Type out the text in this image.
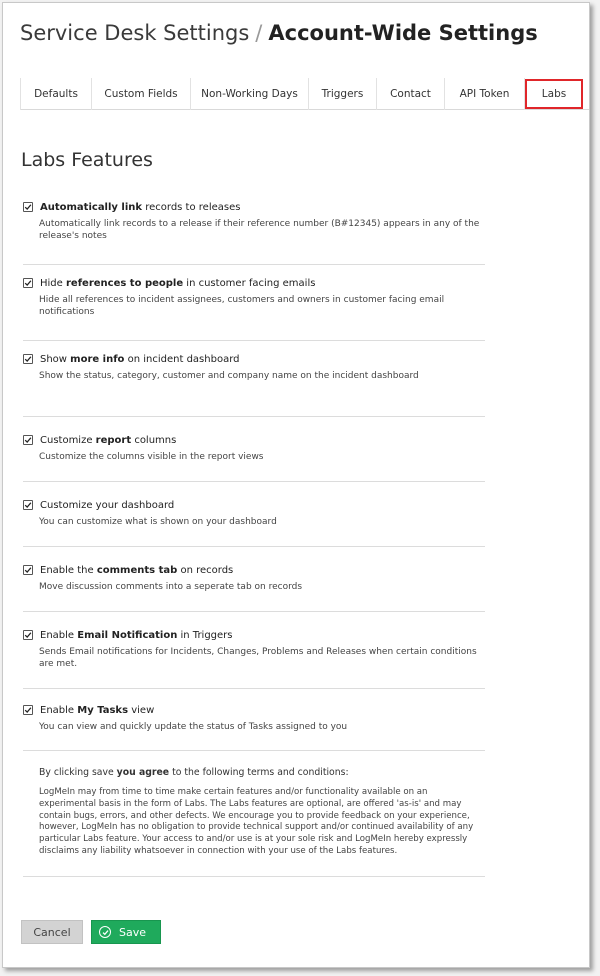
Service Desk Settings / Account-Wide Settings
Defaults	Custom Fields	Non-Working Days	Triggers	Contact	API Token	Labs
Labs Features
Automatically link records to releases
Automatically link records to a release if their reference number (B#12345) appears in any of the release's notes
Hide references to people in customer facing emails
Hide all references to incident assignees, customers and owners in customer facing email notifications
Show more info on incident dashboard
Show the status, category, customer and company name on the incident dashboard
Customize report columns
Customize the columns visible in the report views
Customize your dashboard
You can customize what is shown on your dashboard
Enable the comments tab on records
Move discussion comments into a seperate tab on records
Enable Email Notification in Triggers
Sends Email notifications for Incidents, Changes, Problems and Releases when certain conditions are met.
Enable My Tasks view
You can view and quickly update the status of Tasks assigned to you
By clicking save you agree to the following terms and conditions:
LogMeIn may from time to time make certain features and/or functionality available on an experimental basis in the form of Labs. The Labs features are optional, are offered 'as-is' and may contain bugs, errors, and other defects. We encourage you to provide feedback on your experience, however, LogMeIn has no obligation to provide technical support and/or continued availability of any particular Labs feature. Your access to and/or use is at your sole risk and LogMeIn hereby expressly disclaims any liability whatsoever in connection with your use of the Labs features.
Cancel	Save
